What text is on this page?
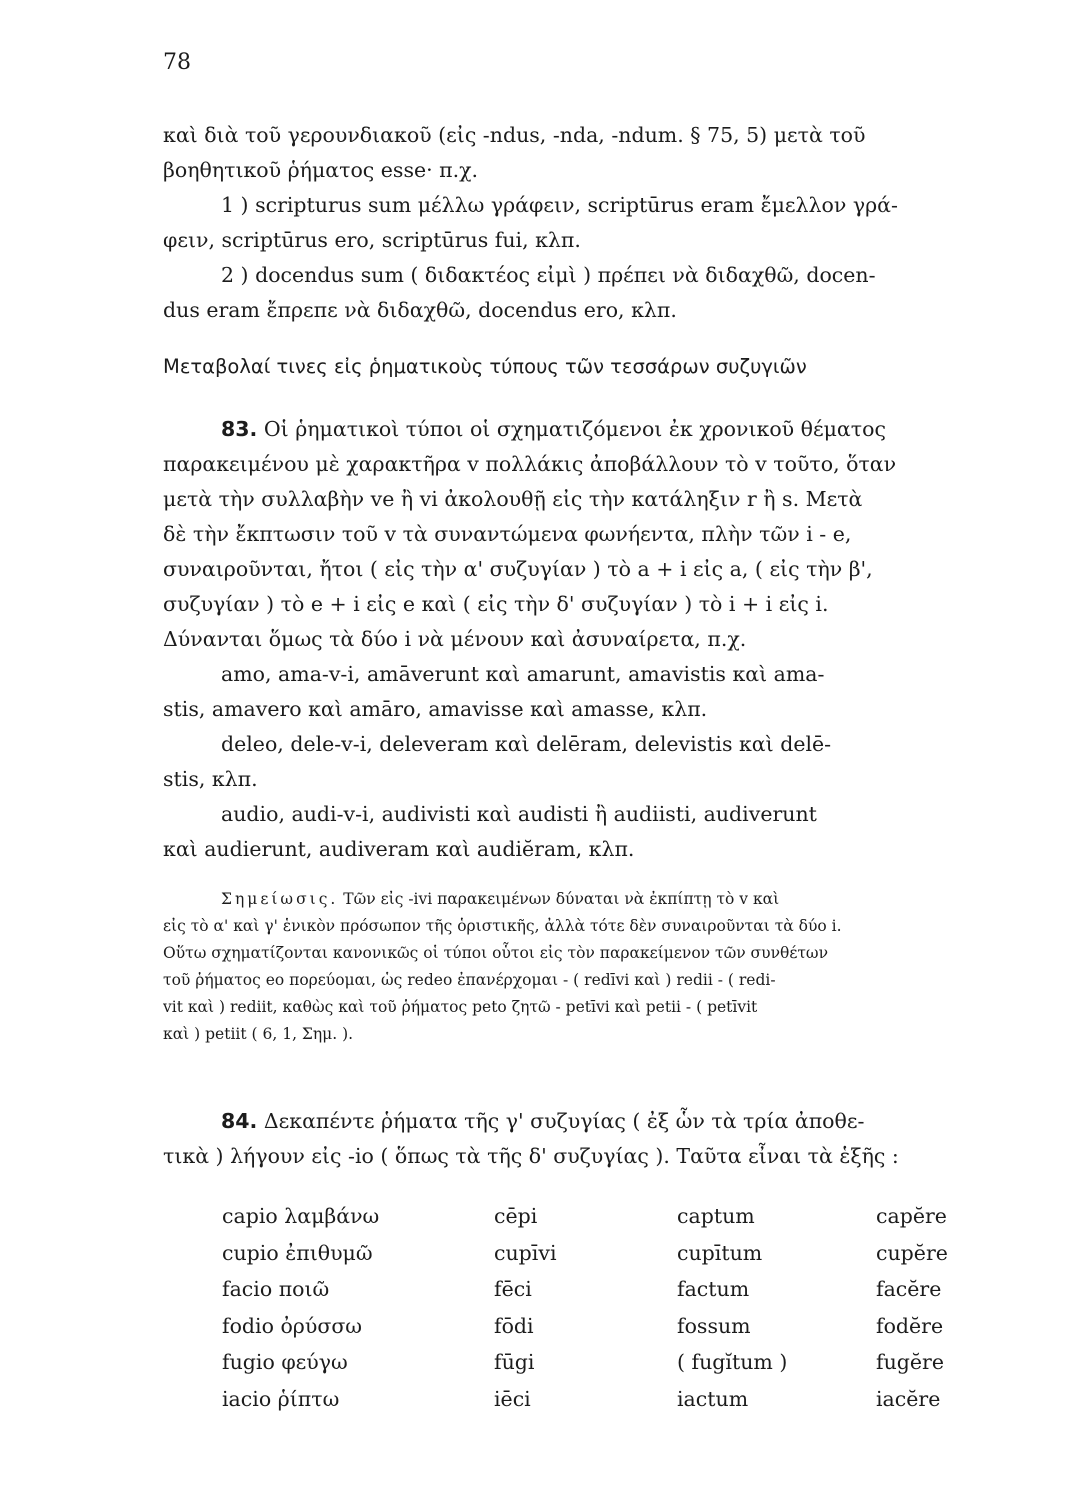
78
καὶ διὰ τοῦ γερουνδιακοῦ (εἰς -ndus, -nda, -ndum. § 75, 5) μετὰ τοῦ
βοηθητικοῦ ῥήματος esse· π.χ.
1 ) scripturus sum μέλλω γράφειν, scriptūrus eram ἔμελλον γρά-
φειν, scriptūrus ero, scriptūrus fui, κλπ.
2 ) docendus sum ( διδακτέος εἰμὶ ) πρέπει νὰ διδαχθῶ, docen-
dus eram ἔπρεπε νὰ διδαχθῶ, docendus ero, κλπ.
Μεταβολαί τινες εἰς ῥηματικοὺς τύπους τῶν τεσσάρων συζυγιῶν
83. Οἱ ῥηματικοὶ τύποι οἱ σχηματιζόμενοι ἐκ χρονικοῦ θέματος
παρακειμένου μὲ χαρακτῆρα v πολλάκις ἀποβάλλουν τὸ v τοῦτο, ὅταν
μετὰ τὴν συλλαβὴν ve ἢ vi ἀκολουθῇ εἰς τὴν κατάληξιν r ἢ s. Μετὰ
δὲ τὴν ἔκπτωσιν τοῦ v τὰ συναντώμενα φωνήεντα, πλὴν τῶν i - e,
συναιροῦνται, ἤτοι ( εἰς τὴν α' συζυγίαν ) τὸ a + i εἰς a, ( εἰς τὴν β',
συζυγίαν ) τὸ e + i εἰς e καὶ ( εἰς τὴν δ' συζυγίαν ) τὸ i + i εἰς i.
Δύνανται ὅμως τὰ δύο i νὰ μένουν καὶ ἀσυναίρετα, π.χ.
amo, ama-v-i, amāverunt καὶ amarunt, amavistis καὶ ama-
stis, amavero καὶ amāro, amavisse καὶ amasse, κλπ.
deleo, dele-v-i, deleveram καὶ delēram, delevistis καὶ delē-
stis, κλπ.
audio, audi-v-i, audivisti καὶ audisti ἢ audiisti, audiverunt
καὶ audierunt, audiveram καὶ audiĕram, κλπ.
Σημείωσις. Τῶν εἰς -ivi παρακειμένων δύναται νὰ ἐκπίπτῃ τὸ v καὶ
εἰς τὸ α' καὶ γ' ἑνικὸν πρόσωπον τῆς ὁριστικῆς, ἀλλὰ τότε δὲν συναιροῦνται τὰ δύο i.
Οὕτω σχηματίζονται κανονικῶς οἱ τύποι οὗτοι εἰς τὸν παρακείμενον τῶν συνθέτων
τοῦ ῥήματος eo πορεύομαι, ὡς redeo ἐπανέρχομαι - ( redīvi καὶ ) redii - ( redi-
vit καὶ ) rediit, καθὼς καὶ τοῦ ῥήματος peto ζητῶ - petīvi καὶ petii - ( petīvit
καὶ ) petiit ( 6, 1, Σημ. ).
84. Δεκαπέντε ῥήματα τῆς γ' συζυγίας ( ἐξ ὧν τὰ τρία ἀποθε-
τικὰ ) λήγουν εἰς -io ( ὅπως τὰ τῆς δ' συζυγίας ). Ταῦτα εἶναι τὰ ἑξῆς :
capio λαμβάνω	cēpi	captum	capĕre
cupio ἐπιθυμῶ	cupīvi	cupītum	cupĕre
facio ποιῶ	fēci	factum	facĕre
fodio ὀρύσσω	fōdi	fossum	fodĕre
fugio φεύγω	fūgi	( fugĭtum )	fugĕre
iacio ῥίπτω	iēci	iactum	iacĕre
